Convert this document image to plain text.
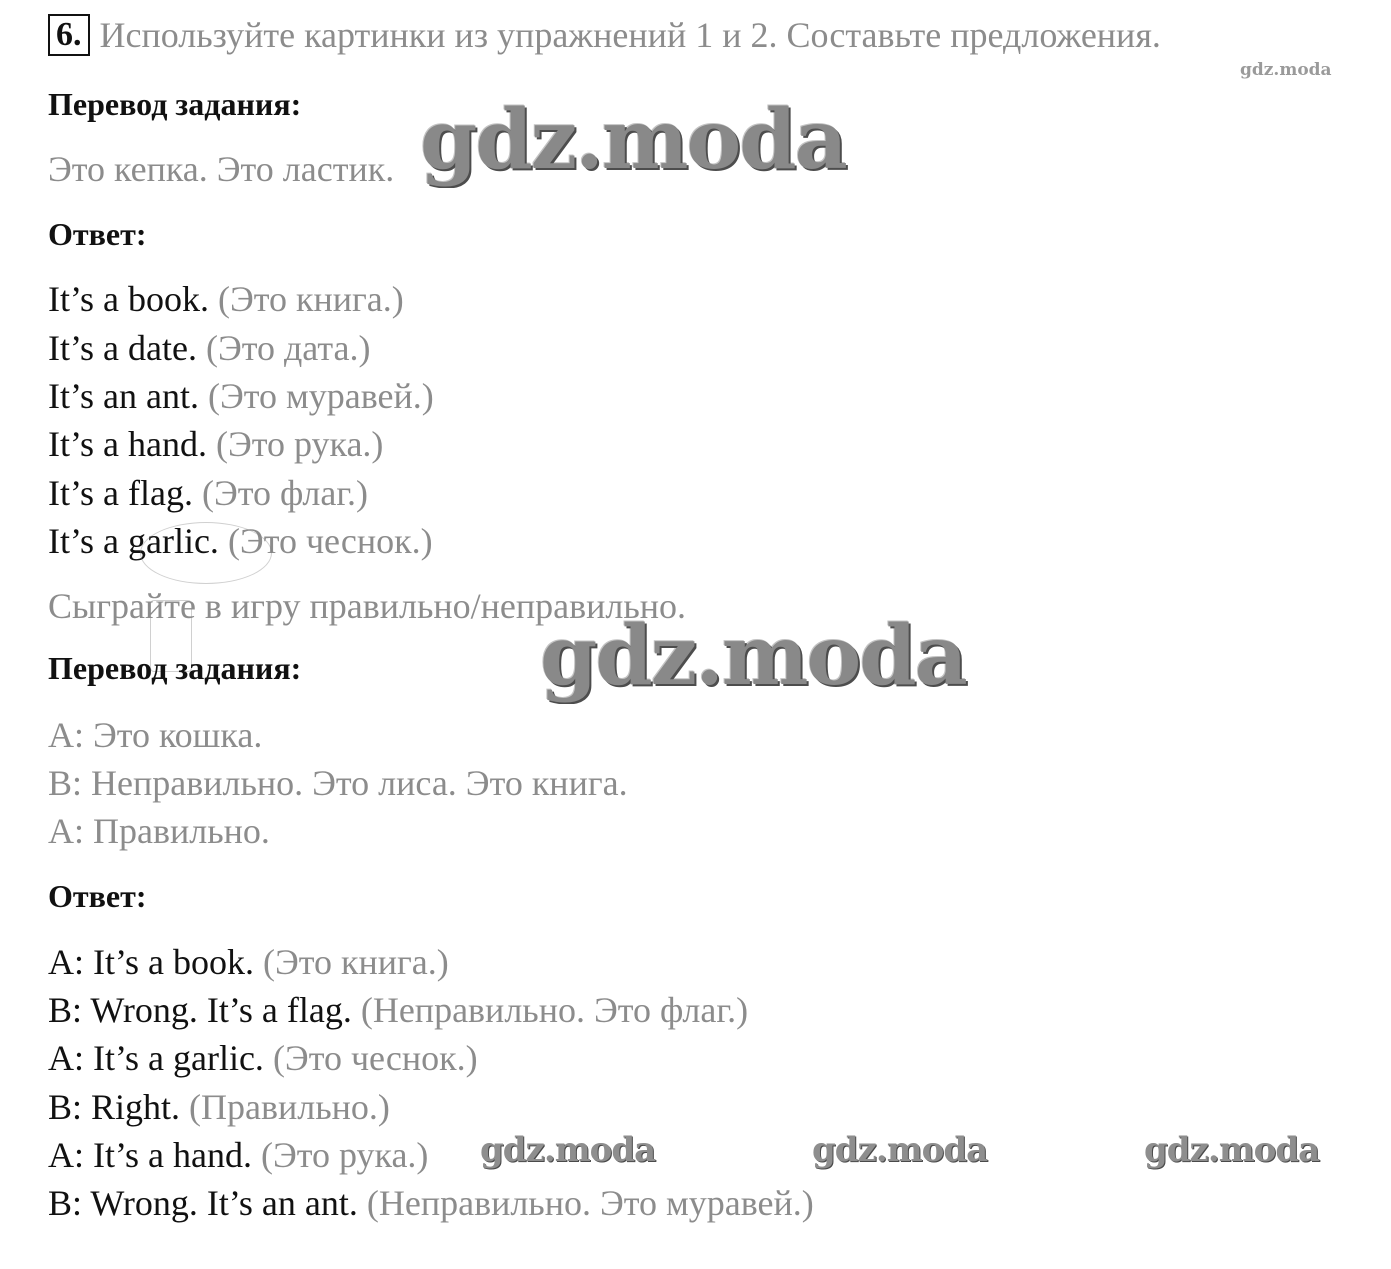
6. Используйте картинки из упражнений 1 и 2. Составьте предложения.
gdz.moda
Перевод задания:
Это кепка. Это ластик. gdz.moda
Ответ:
It’s a book. (Это книга.)
It’s a date. (Это дата.)
It’s an ant. (Это муравей.)
It’s a hand. (Это рука.)
It’s a flag. (Это флаг.)
It’s a garlic. (Это чеснок.)
Сыграйте в игру правильно/неправильно.
Перевод задания:	gdz.moda
A: Это кошка.
B: Неправильно. Это лиса. Это книга.
A: Правильно.
Ответ:
A: It’s a book. (Это книга.)
B: Wrong. It’s a flag. (Неправильно. Это флаг.)
A: It’s a garlic. (Это чеснок.)
B: Right. (Правильно.)
A: It’s a hand. (Это рука.)
B: Wrong. It’s an ant. (Неправильно. Это муравей.)
gdz.moda	gdz.moda	gdz.moda
